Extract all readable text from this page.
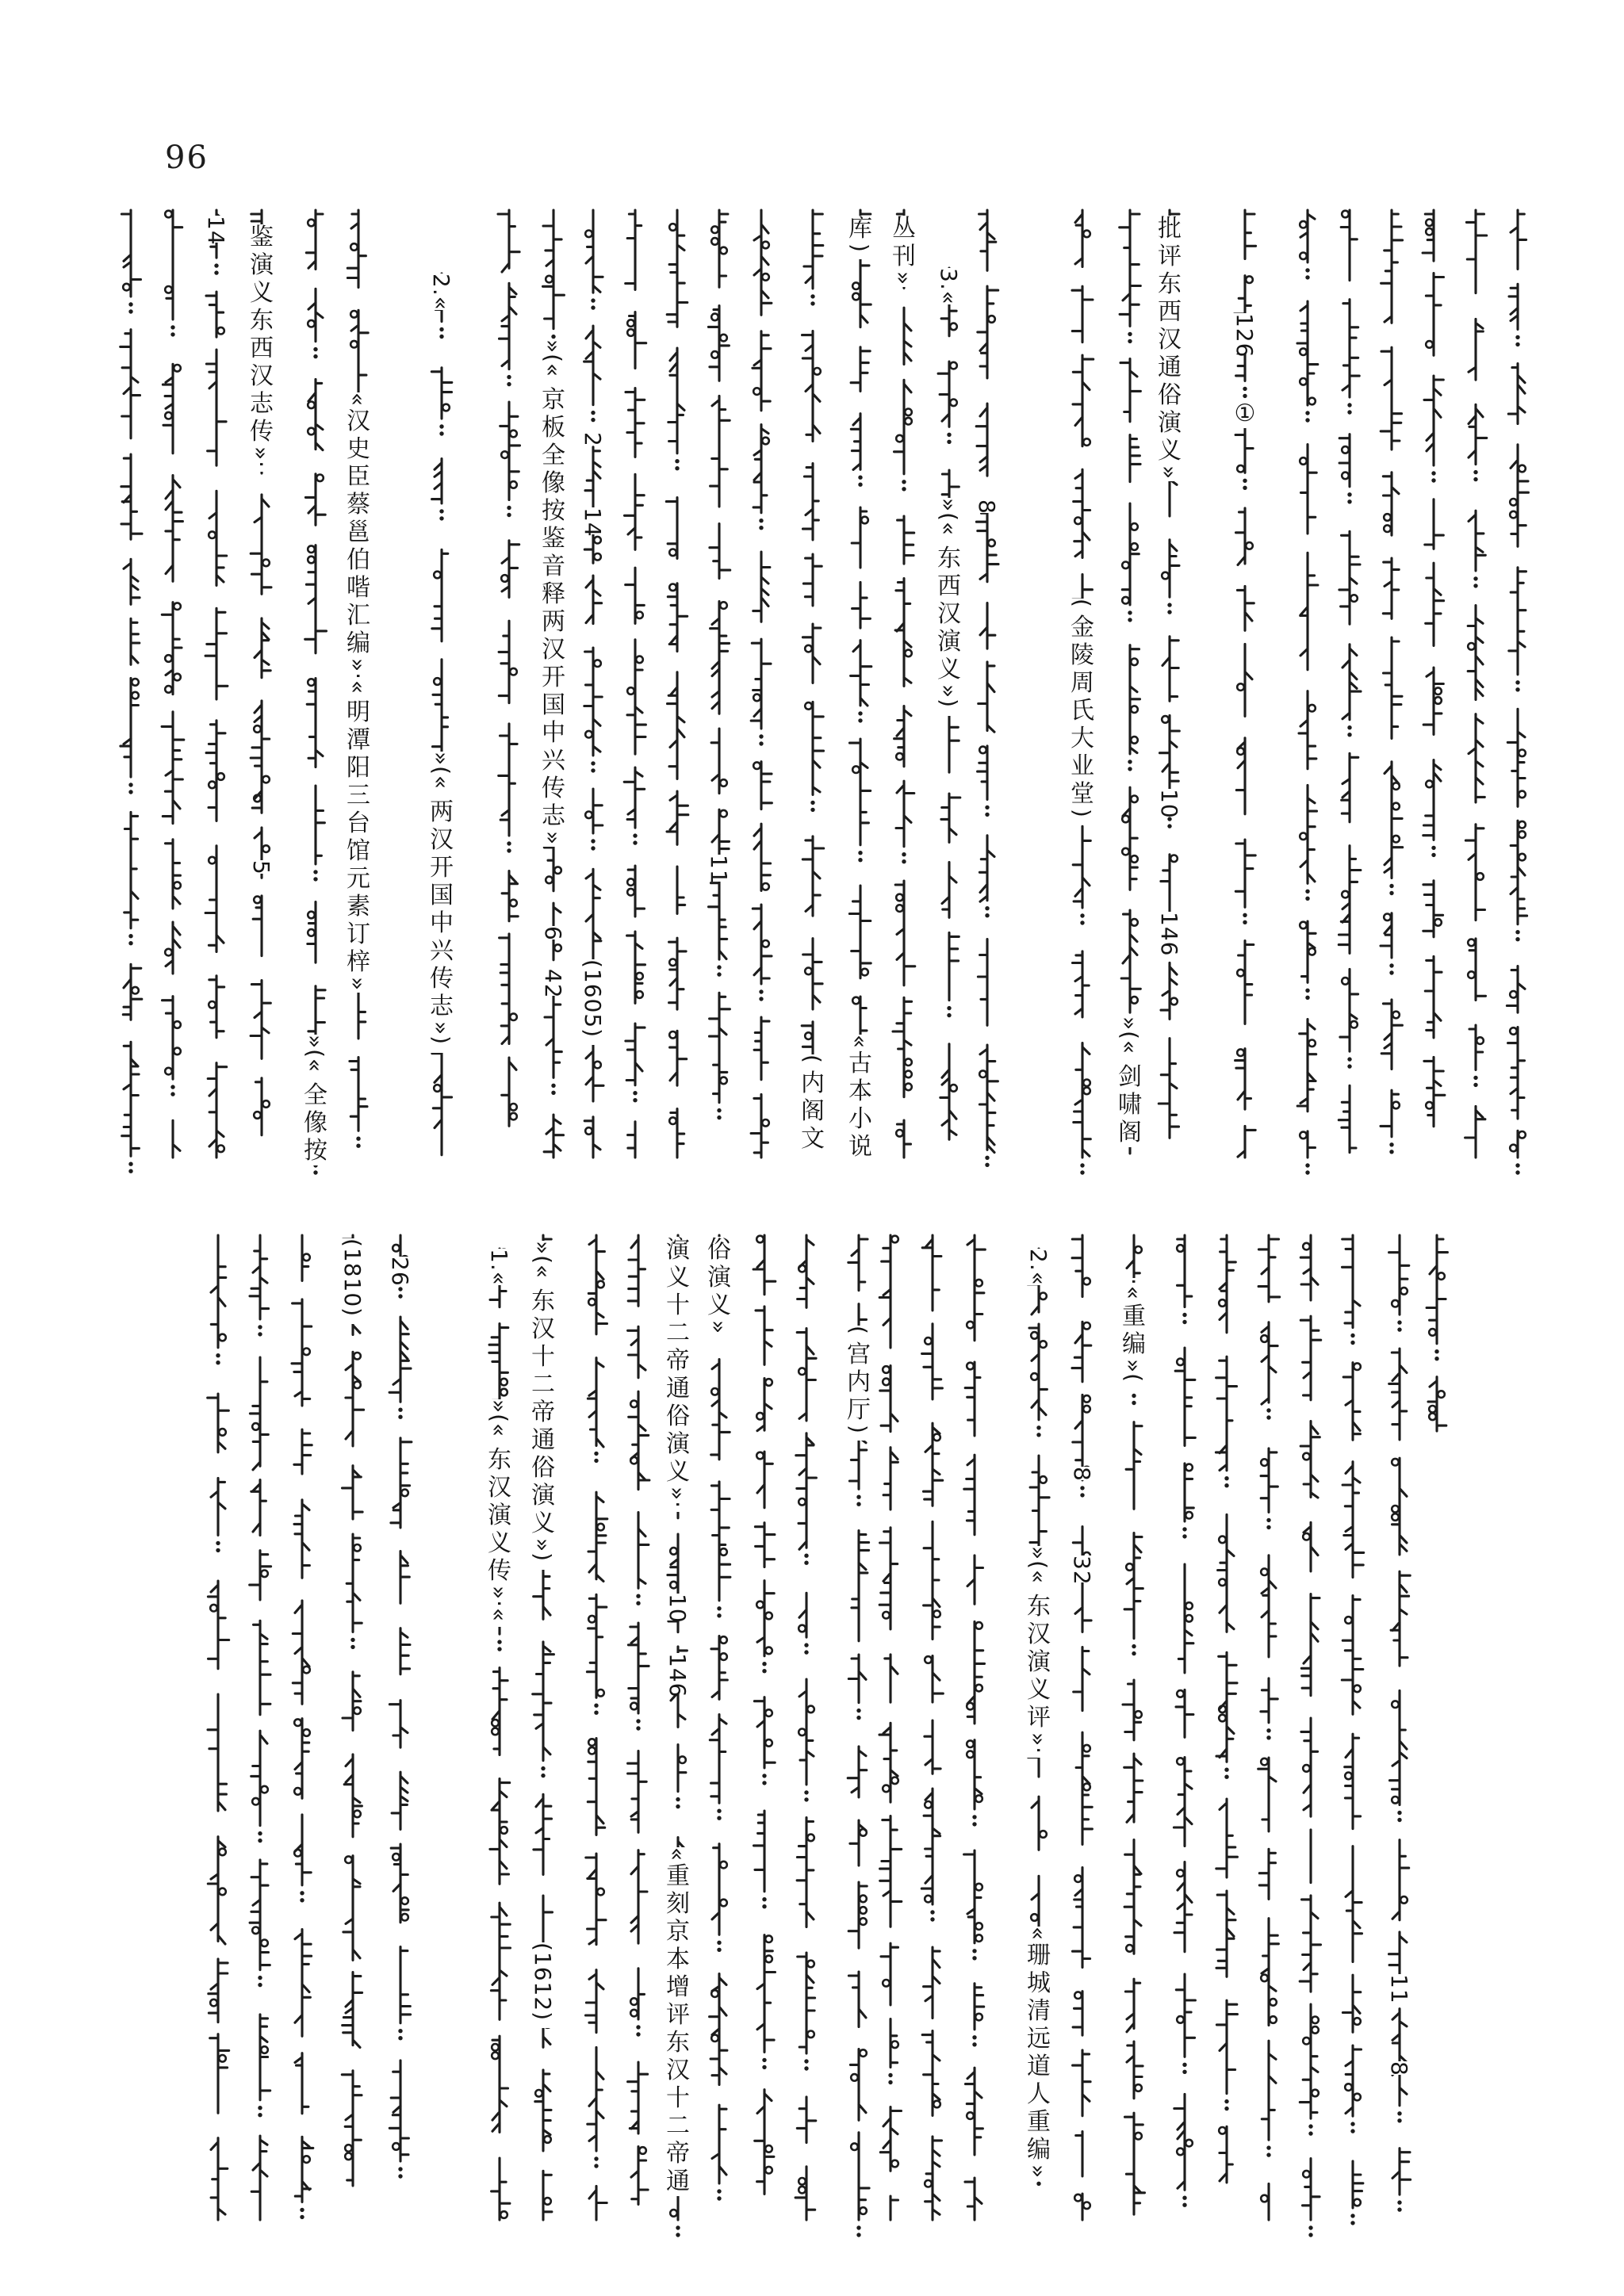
96
14 鉴
演
义
东
西
汉
志
传
»·
5
»(«
全
像
按
«
汉
史
臣
蔡
邕
伯
喈
汇
编
»·«
明
潭
阳
三
台
馆
元
素
订
梓
»
2.«
»(«
两
汉
开
国
中
兴
传
志
»)
»(«
京
板
全
像
按
鉴
音
释
两
汉
开
国
中
兴
传
志
»
6
42
2
14
(1605)
11
(
内
阁
文
库
)
«
古
本
小
说
丛
刊
» 3.«
»(«
东
西
汉
演
义
»)
8
(
金
陵
周
氏
大
业
堂
)
»(«
剑
啸
阁
批
评
东
西
汉
通
俗
演
义
»
10
146
126
①
(1810) 26	1.«
»(«
东
汉
演
义
传
»·«
»(«
东
汉
十
二
帝
通
俗
演
义
»)
(1612)
演
义
十
二
帝
通
俗
演
义
»·
10
146
«
重
刻
京
本
增
评
东
汉
十
二
帝
通
俗
演
义
»	(
宫
内
厅
)
2.«
»(«
东
汉
演
义
评
»·
«
珊
城
清
远
道
人
重
编
»
8
32
·«
重
编
»(
11
8
